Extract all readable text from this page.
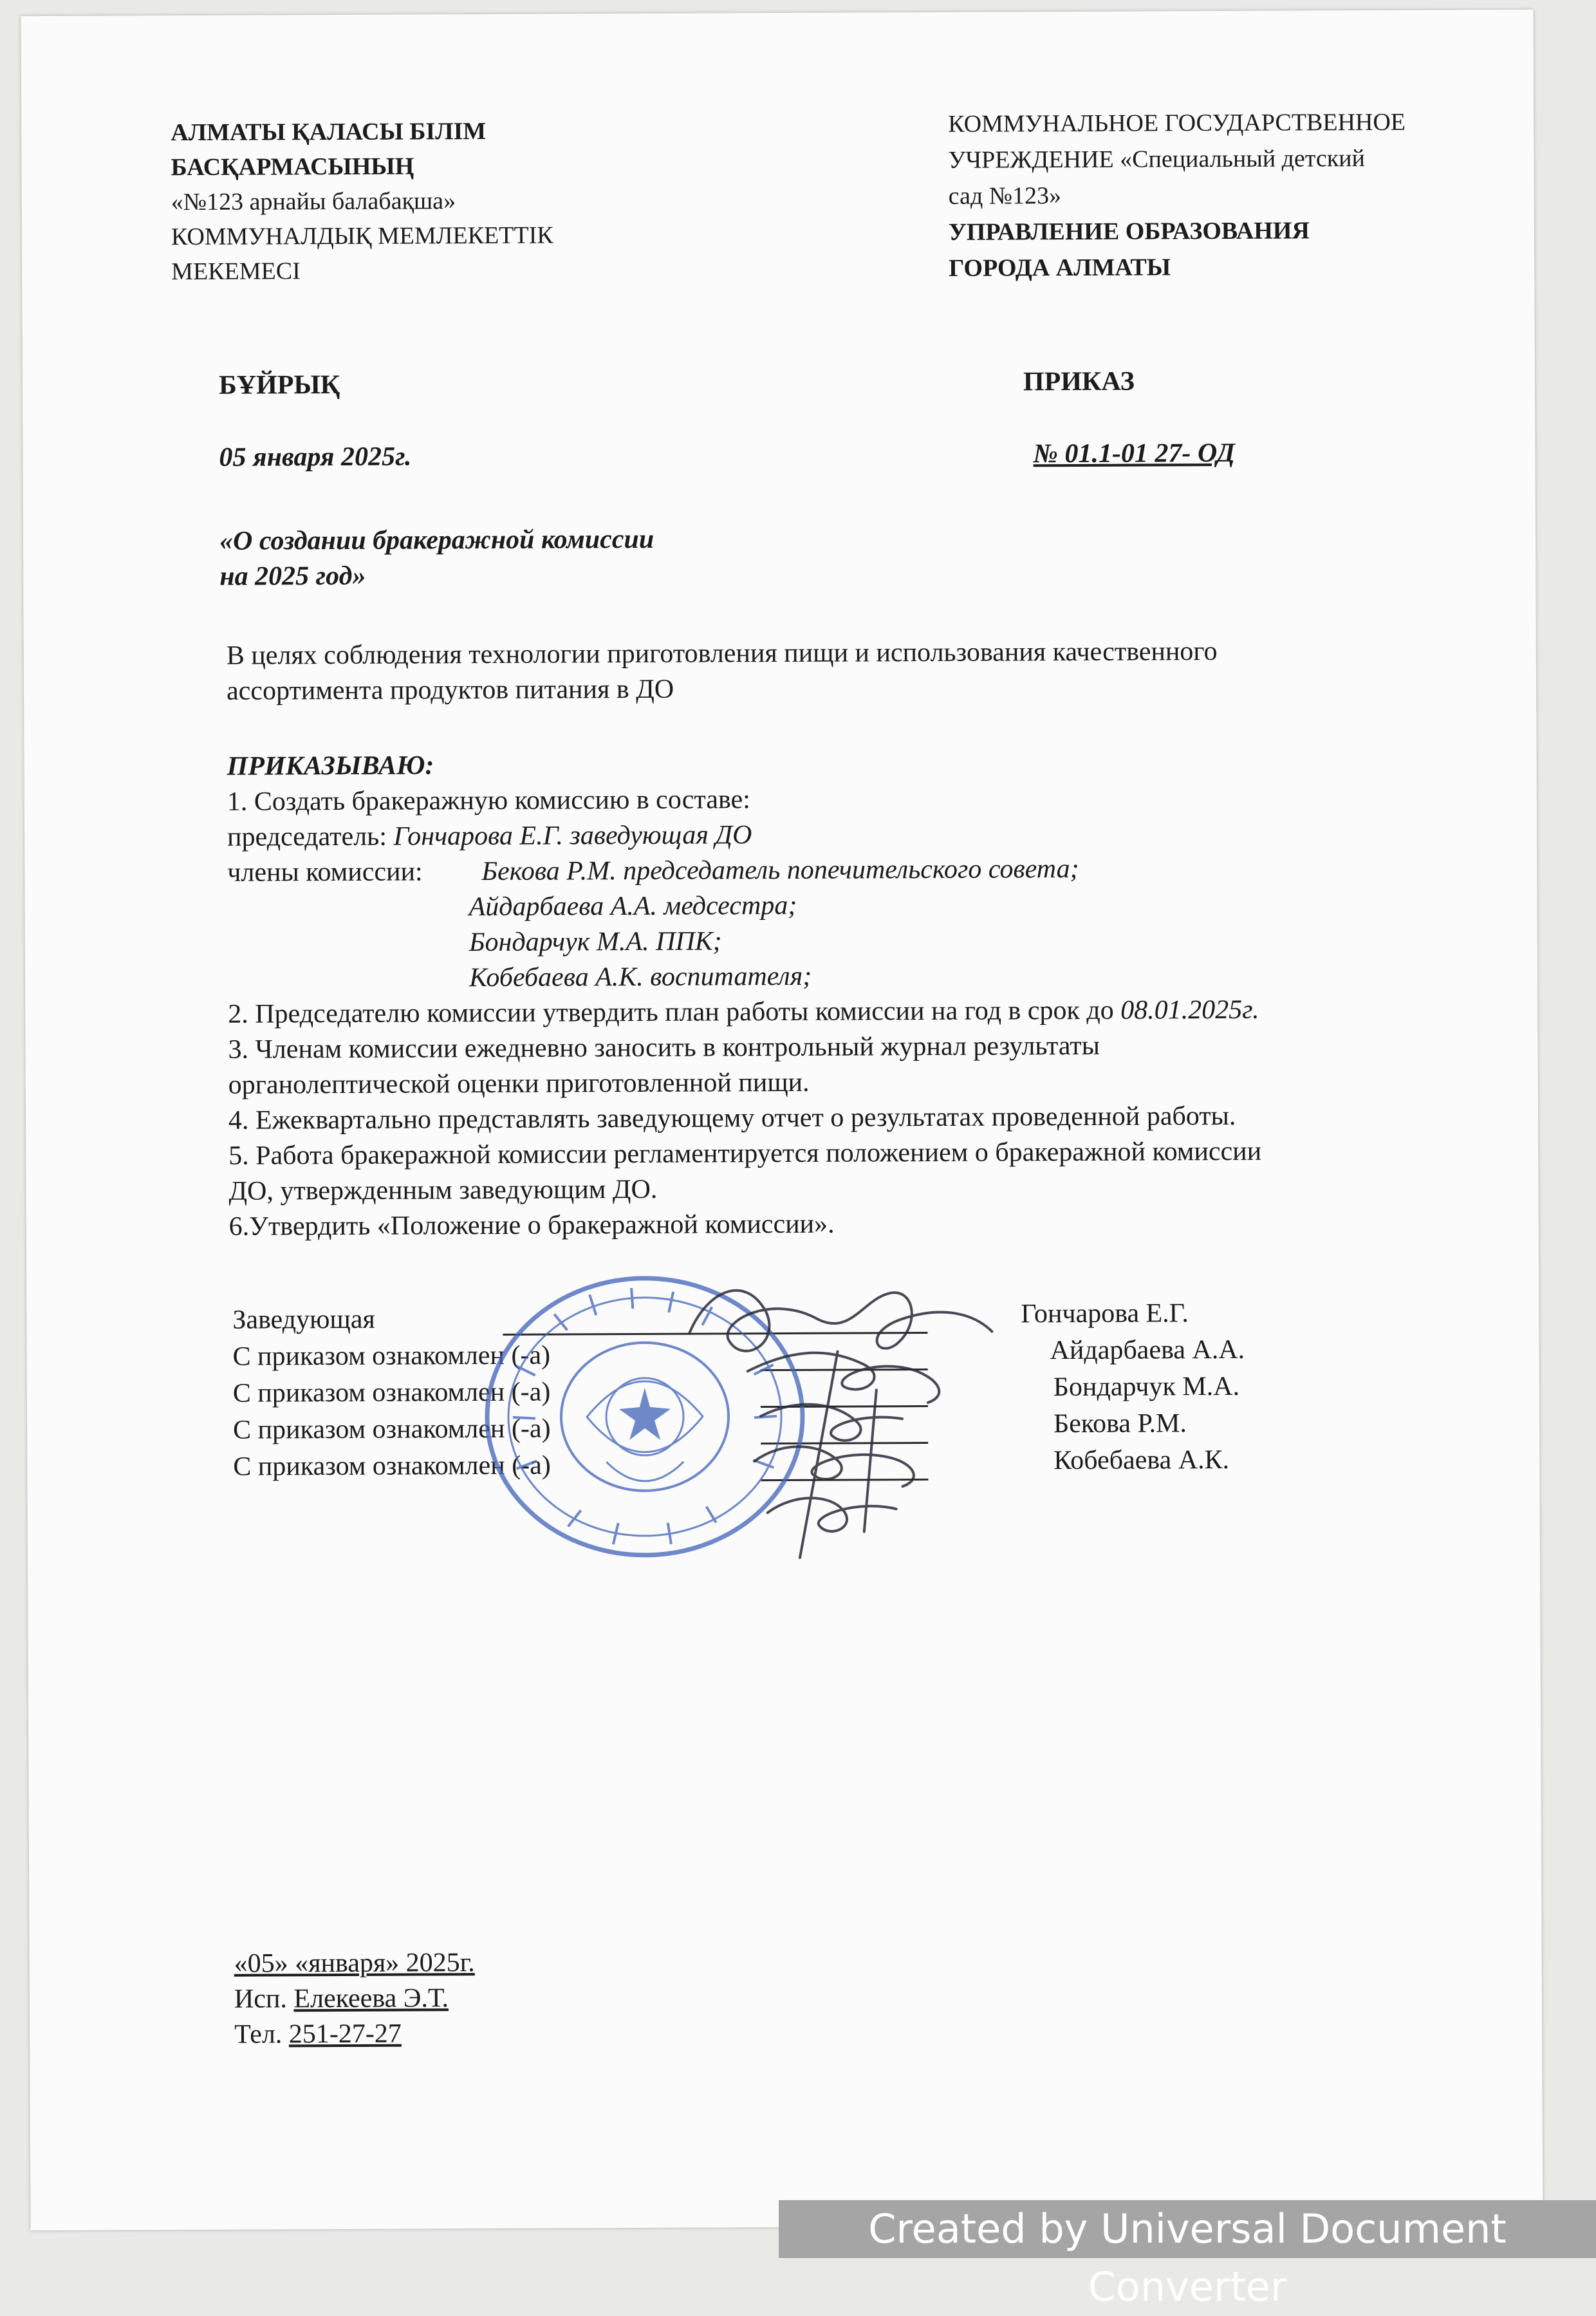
АЛМАТЫ ҚАЛАСЫ БІЛІМ
БАСҚАРМАСЫНЫҢ
«№123 арнайы балабақша»
КОММУНАЛДЫҚ МЕМЛЕКЕТТІК
МЕКЕМЕСІ
КОММУНАЛЬНОЕ ГОСУДАРСТВЕННОЕ
УЧРЕЖДЕНИЕ «Специальный детский
сад №123»
УПРАВЛЕНИЕ ОБРАЗОВАНИЯ
ГОРОДА АЛМАТЫ
БҰЙРЫҚ	ПРИКАЗ
05 января 2025г.	№ 01.1-01 27- ОД
«О создании бракеражной комиссии
на 2025 год»
В целях соблюдения технологии приготовления пищи и использования качественного
ассортимента продуктов питания в ДО
ПРИКАЗЫВАЮ:
1. Создать бракеражную комиссию в составе:
председатель: Гончарова Е.Г. заведующая ДО
члены комиссии: Бекова Р.М. председатель попечительского совета;
Айдарбаева А.А. медсестра;
Бондарчук М.А. ППК;
Кобебаева А.К. воспитателя;
2. Председателю комиссии утвердить план работы комиссии на год в срок до 08.01.2025г.
3. Членам комиссии ежедневно заносить в контрольный журнал результаты
органолептической оценки приготовленной пищи.
4. Ежеквартально представлять заведующему отчет о результатах проведенной работы.
5. Работа бракеражной комиссии регламентируется положением о бракеражной комиссии
ДО, утвержденным заведующим ДО.
6.Утвердить «Положение о бракеражной комиссии».
Заведующая
С приказом ознакомлен (-а)
С приказом ознакомлен (-а)
С приказом ознакомлен (-а)
С приказом ознакомлен (-а)
Гончарова Е.Г.
Айдарбаева А.А.
Бондарчук М.А.
Бекова Р.М.
Кобебаева А.К.
«05» «января» 2025г.
Исп. Елекеева Э.Т.
Тел. 251-27-27
Created by Universal Document Converter
